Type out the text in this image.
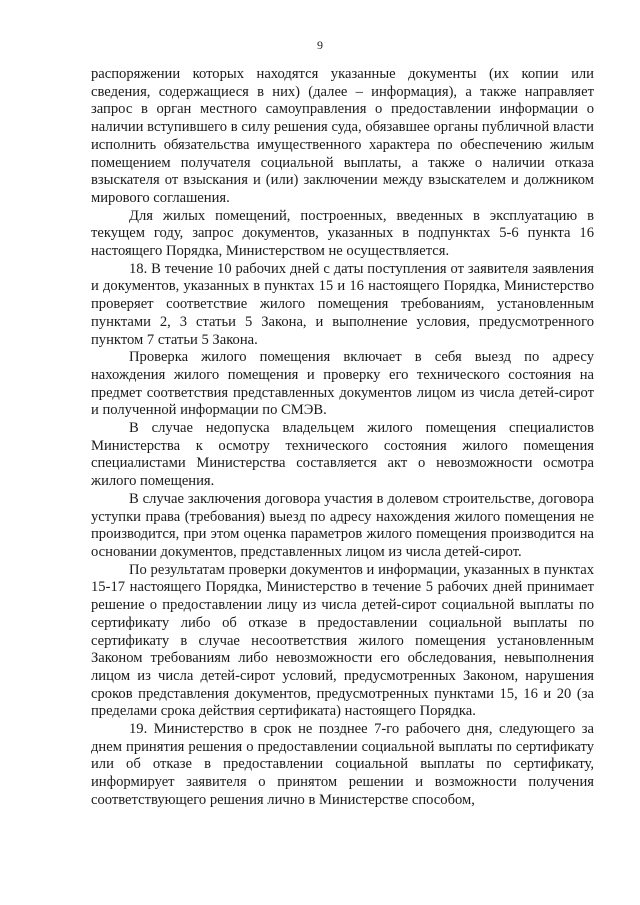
9

распоряжении которых находятся указанные документы (их копии или сведения, содержащиеся в них) (далее – информация), а также направляет запрос в орган местного самоуправления о предоставлении информации о наличии вступившего в силу решения суда, обязавшее органы публичной власти исполнить обязательства имущественного характера по обеспечению жилым помещением получателя социальной выплаты, а также о наличии отказа взыскателя от взыскания и (или) заключении между взыскателем и должником мирового соглашения.

Для жилых помещений, построенных, введенных в эксплуатацию в текущем году, запрос документов, указанных в подпунктах 5-6 пункта 16 настоящего Порядка, Министерством не осуществляется.

18. В течение 10 рабочих дней с даты поступления от заявителя заявления и документов, указанных в пунктах 15 и 16 настоящего Порядка, Министерство проверяет соответствие жилого помещения требованиям, установленным пунктами 2, 3 статьи 5 Закона, и выполнение условия, предусмотренного пунктом 7 статьи 5 Закона.

Проверка жилого помещения включает в себя выезд по адресу нахождения жилого помещения и проверку его технического состояния на предмет соответствия представленных документов лицом из числа детей-сирот и полученной информации по СМЭВ.

В случае недопуска владельцем жилого помещения специалистов Министерства к осмотру технического состояния жилого помещения специалистами Министерства составляется акт о невозможности осмотра жилого помещения.

В случае заключения договора участия в долевом строительстве, договора уступки права (требования) выезд по адресу нахождения жилого помещения не производится, при этом оценка параметров жилого помещения производится на основании документов, представленных лицом из числа детей-сирот.

По результатам проверки документов и информации, указанных в пунктах 15-17 настоящего Порядка, Министерство в течение 5 рабочих дней принимает решение о предоставлении лицу из числа детей-сирот социальной выплаты по сертификату либо об отказе в предоставлении социальной выплаты по сертификату в случае несоответствия жилого помещения установленным Законом требованиям либо невозможности его обследования, невыполнения лицом из числа детей-сирот условий, предусмотренных Законом, нарушения сроков представления документов, предусмотренных пунктами 15, 16 и 20 (за пределами срока действия сертификата) настоящего Порядка.

19. Министерство в срок не позднее 7-го рабочего дня, следующего за днем принятия решения о предоставлении социальной выплаты по сертификату или об отказе в предоставлении социальной выплаты по сертификату, информирует заявителя о принятом решении и возможности получения соответствующего решения лично в Министерстве способом,
